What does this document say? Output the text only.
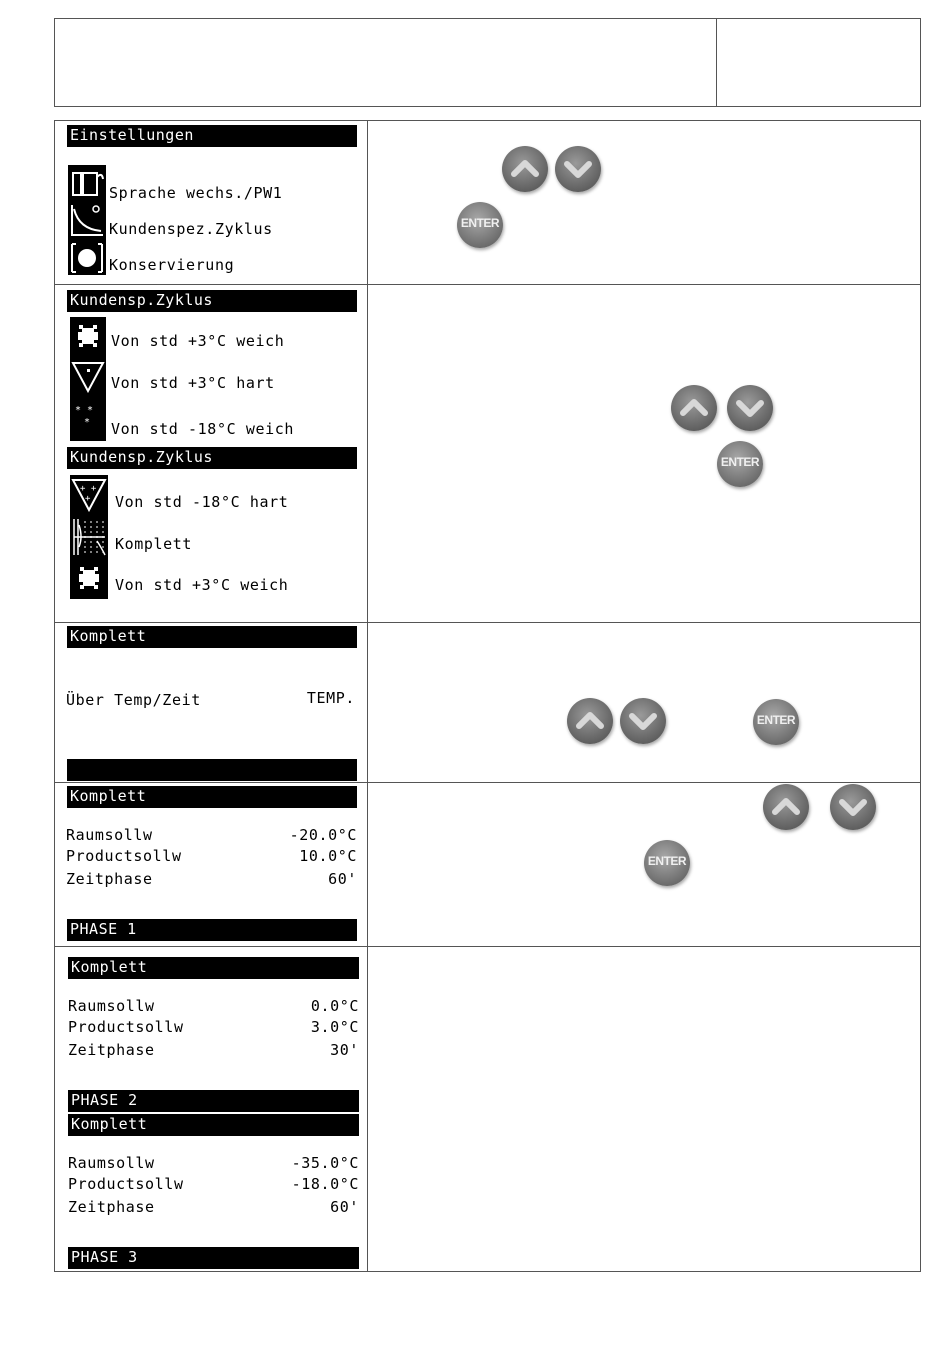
Einstellungen
Sprache wechs./PW1
Kundenspez.Zyklus
Konservierung
ENTER
Kundensp.Zyklus
* *
*
Von std +3°C weich
Von std +3°C hart
Von std -18°C weich
Kundensp.Zyklus
+ +
+ Von std -18°C hart
Komplett
Von std +3°C weich
ENTER
Komplett
Über Temp/Zeit	TEMP.
ENTER
Komplett
Raumsollw	-20.0°C
Productsollw	10.0°C
Zeitphase	60'
PHASE 1
ENTER
Komplett
Raumsollw	0.0°C
Productsollw	3.0°C
Zeitphase	30'
PHASE 2
Komplett
Raumsollw	-35.0°C
Productsollw	-18.0°C
Zeitphase	60'
PHASE 3
